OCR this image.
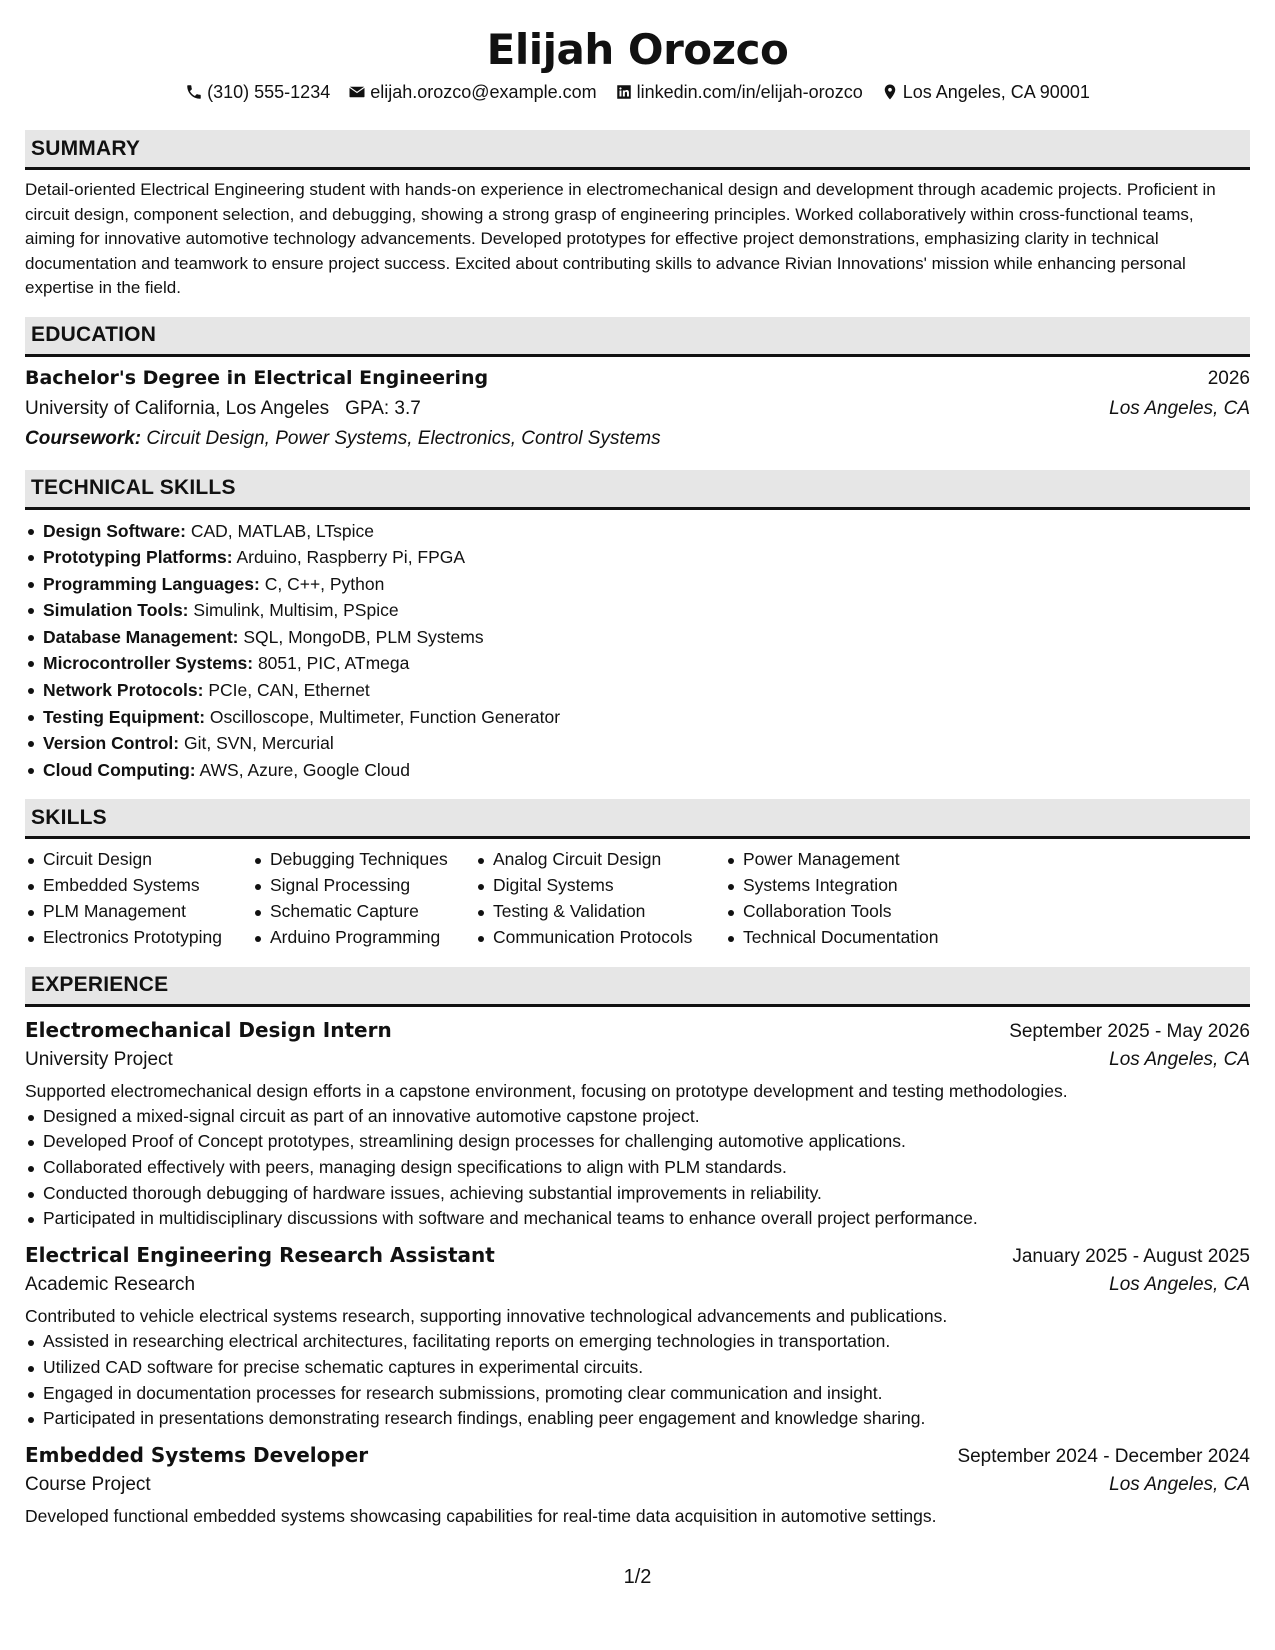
Elijah Orozco
(310) 555-1234 elijah.orozco@example.com linkedin.com/in/elijah-orozco Los Angeles, CA 90001
SUMMARY

Detail-oriented Electrical Engineering student with hands-on experience in electromechanical design and development through academic projects. Proficient in circuit design, component selection, and debugging, showing a strong grasp of engineering principles. Worked collaboratively within cross-functional teams, aiming for innovative automotive technology advancements. Developed prototypes for effective project demonstrations, emphasizing clarity in technical documentation and teamwork to ensure project success. Excited about contributing skills to advance Rivian Innovations' mission while enhancing personal expertise in the field.

EDUCATION
Bachelor's Degree in Electrical Engineering	2026
University of California, Los Angeles GPA: 3.7	Los Angeles, CA
Coursework: Circuit Design, Power Systems, Electronics, Control Systems
TECHNICAL SKILLS
Design Software: CAD, MATLAB, LTspice
Prototyping Platforms: Arduino, Raspberry Pi, FPGA
Programming Languages: C, C++, Python
Simulation Tools: Simulink, Multisim, PSpice
Database Management: SQL, MongoDB, PLM Systems
Microcontroller Systems: 8051, PIC, ATmega
Network Protocols: PCIe, CAN, Ethernet
Testing Equipment: Oscilloscope, Multimeter, Function Generator
Version Control: Git, SVN, Mercurial
Cloud Computing: AWS, Azure, Google Cloud
SKILLS
Circuit Design
Embedded Systems
PLM Management
Electronics Prototyping
Debugging Techniques
Signal Processing
Schematic Capture
Arduino Programming
Analog Circuit Design
Digital Systems
Testing & Validation
Communication Protocols
Power Management
Systems Integration
Collaboration Tools
Technical Documentation
EXPERIENCE
Electromechanical Design Intern	September 2025 - May 2026
University Project	Los Angeles, CA

Supported electromechanical design efforts in a capstone environment, focusing on prototype development and testing methodologies.

Designed a mixed-signal circuit as part of an innovative automotive capstone project.
Developed Proof of Concept prototypes, streamlining design processes for challenging automotive applications.
Collaborated effectively with peers, managing design specifications to align with PLM standards.
Conducted thorough debugging of hardware issues, achieving substantial improvements in reliability.
Participated in multidisciplinary discussions with software and mechanical teams to enhance overall project performance.
Electrical Engineering Research Assistant	January 2025 - August 2025
Academic Research	Los Angeles, CA

Contributed to vehicle electrical systems research, supporting innovative technological advancements and publications.

Assisted in researching electrical architectures, facilitating reports on emerging technologies in transportation.
Utilized CAD software for precise schematic captures in experimental circuits.
Engaged in documentation processes for research submissions, promoting clear communication and insight.
Participated in presentations demonstrating research findings, enabling peer engagement and knowledge sharing.
Embedded Systems Developer	September 2024 - December 2024
Course Project	Los Angeles, CA

Developed functional embedded systems showcasing capabilities for real-time data acquisition in automotive settings.

1/2
